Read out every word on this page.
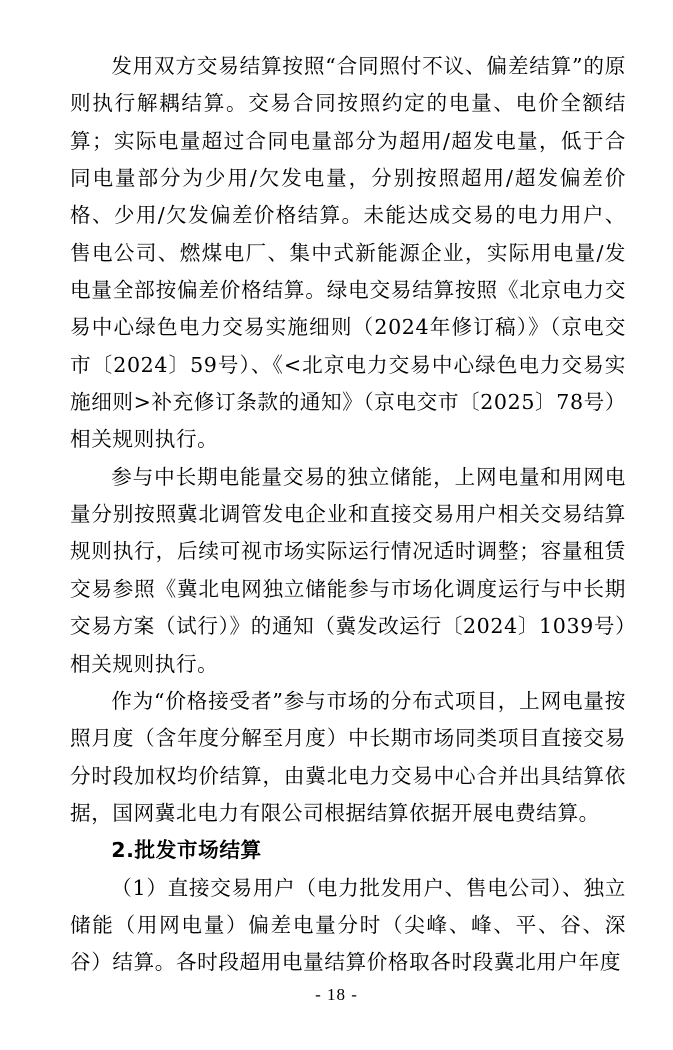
发用双方交易结算按照“合同照付不议、偏差结算”的原则执行解耦结算。交易合同按照约定的电量、电价全额结算；实际电量超过合同电量部分为超用/超发电量，低于合同电量部分为少用/欠发电量，分别按照超用/超发偏差价格、少用/欠发偏差价格结算。未能达成交易的电力用户、售电公司、燃煤电厂、集中式新能源企业，实际用电量/发电量全部按偏差价格结算。绿电交易结算按照《北京电力交易中心绿色电力交易实施细则（2024年修订稿）》（京电交市〔2024〕59号）、《<北京电力交易中心绿色电力交易实施细则>补充修订条款的通知》（京电交市〔2025〕78号）相关规则执行。

参与中长期电能量交易的独立储能，上网电量和用网电量分别按照冀北调管发电企业和直接交易用户相关交易结算规则执行，后续可视市场实际运行情况适时调整；容量租赁交易参照《冀北电网独立储能参与市场化调度运行与中长期交易方案（试行）》的通知（冀发改运行〔2024〕1039号）相关规则执行。

作为“价格接受者”参与市场的分布式项目，上网电量按照月度（含年度分解至月度）中长期市场同类项目直接交易分时段加权均价结算，由冀北电力交易中心合并出具结算依据，国网冀北电力有限公司根据结算依据开展电费结算。

2.批发市场结算

（1）直接交易用户（电力批发用户、售电公司）、独立储能（用网电量）偏差电量分时（尖峰、峰、平、谷、深谷）结算。各时段超用电量结算价格取各时段冀北用户年度

- 18 -
